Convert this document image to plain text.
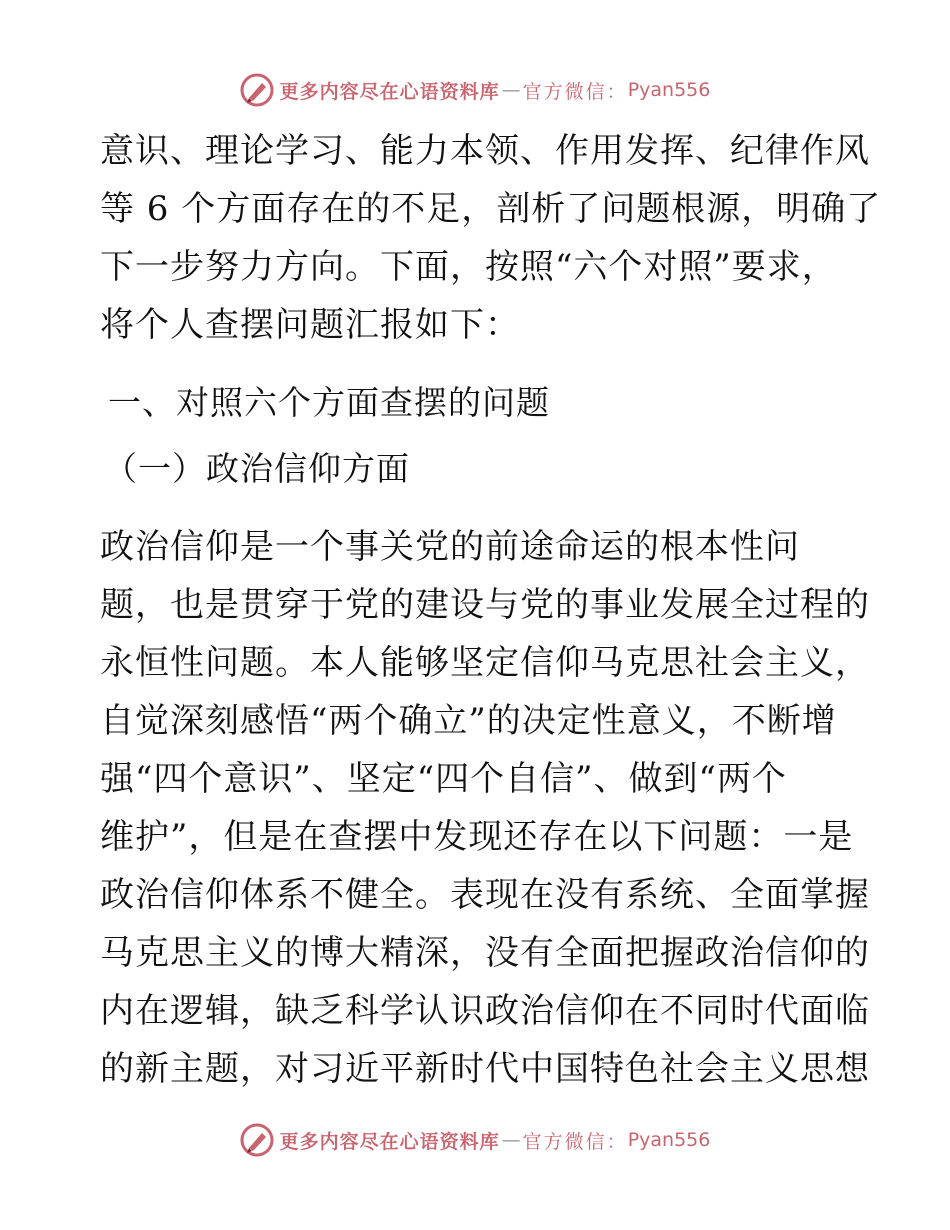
更多内容尽在心语资料库 — 官方微信： Pyan556

意识、理论学习、能力本领、作用发挥、纪律作风
等 6 个方面存在的不足，剖析了问题根源，明确了
下一步努力方向。下面，按照“六个对照”要求，
将个人查摆问题汇报如下：

一、对照六个方面查摆的问题
（一）政治信仰方面

政治信仰是一个事关党的前途命运的根本性问
题，也是贯穿于党的建设与党的事业发展全过程的
永恒性问题。本人能够坚定信仰马克思社会主义，
自觉深刻感悟“两个确立”的决定性意义，不断增
强“四个意识”、坚定“四个自信”、做到“两个
维护”，但是在查摆中发现还存在以下问题：一是
政治信仰体系不健全。表现在没有系统、全面掌握
马克思主义的博大精深，没有全面把握政治信仰的
内在逻辑，缺乏科学认识政治信仰在不同时代面临
的新主题，对习近平新时代中国特色社会主义思想

更多内容尽在心语资料库 — 官方微信： Pyan556
